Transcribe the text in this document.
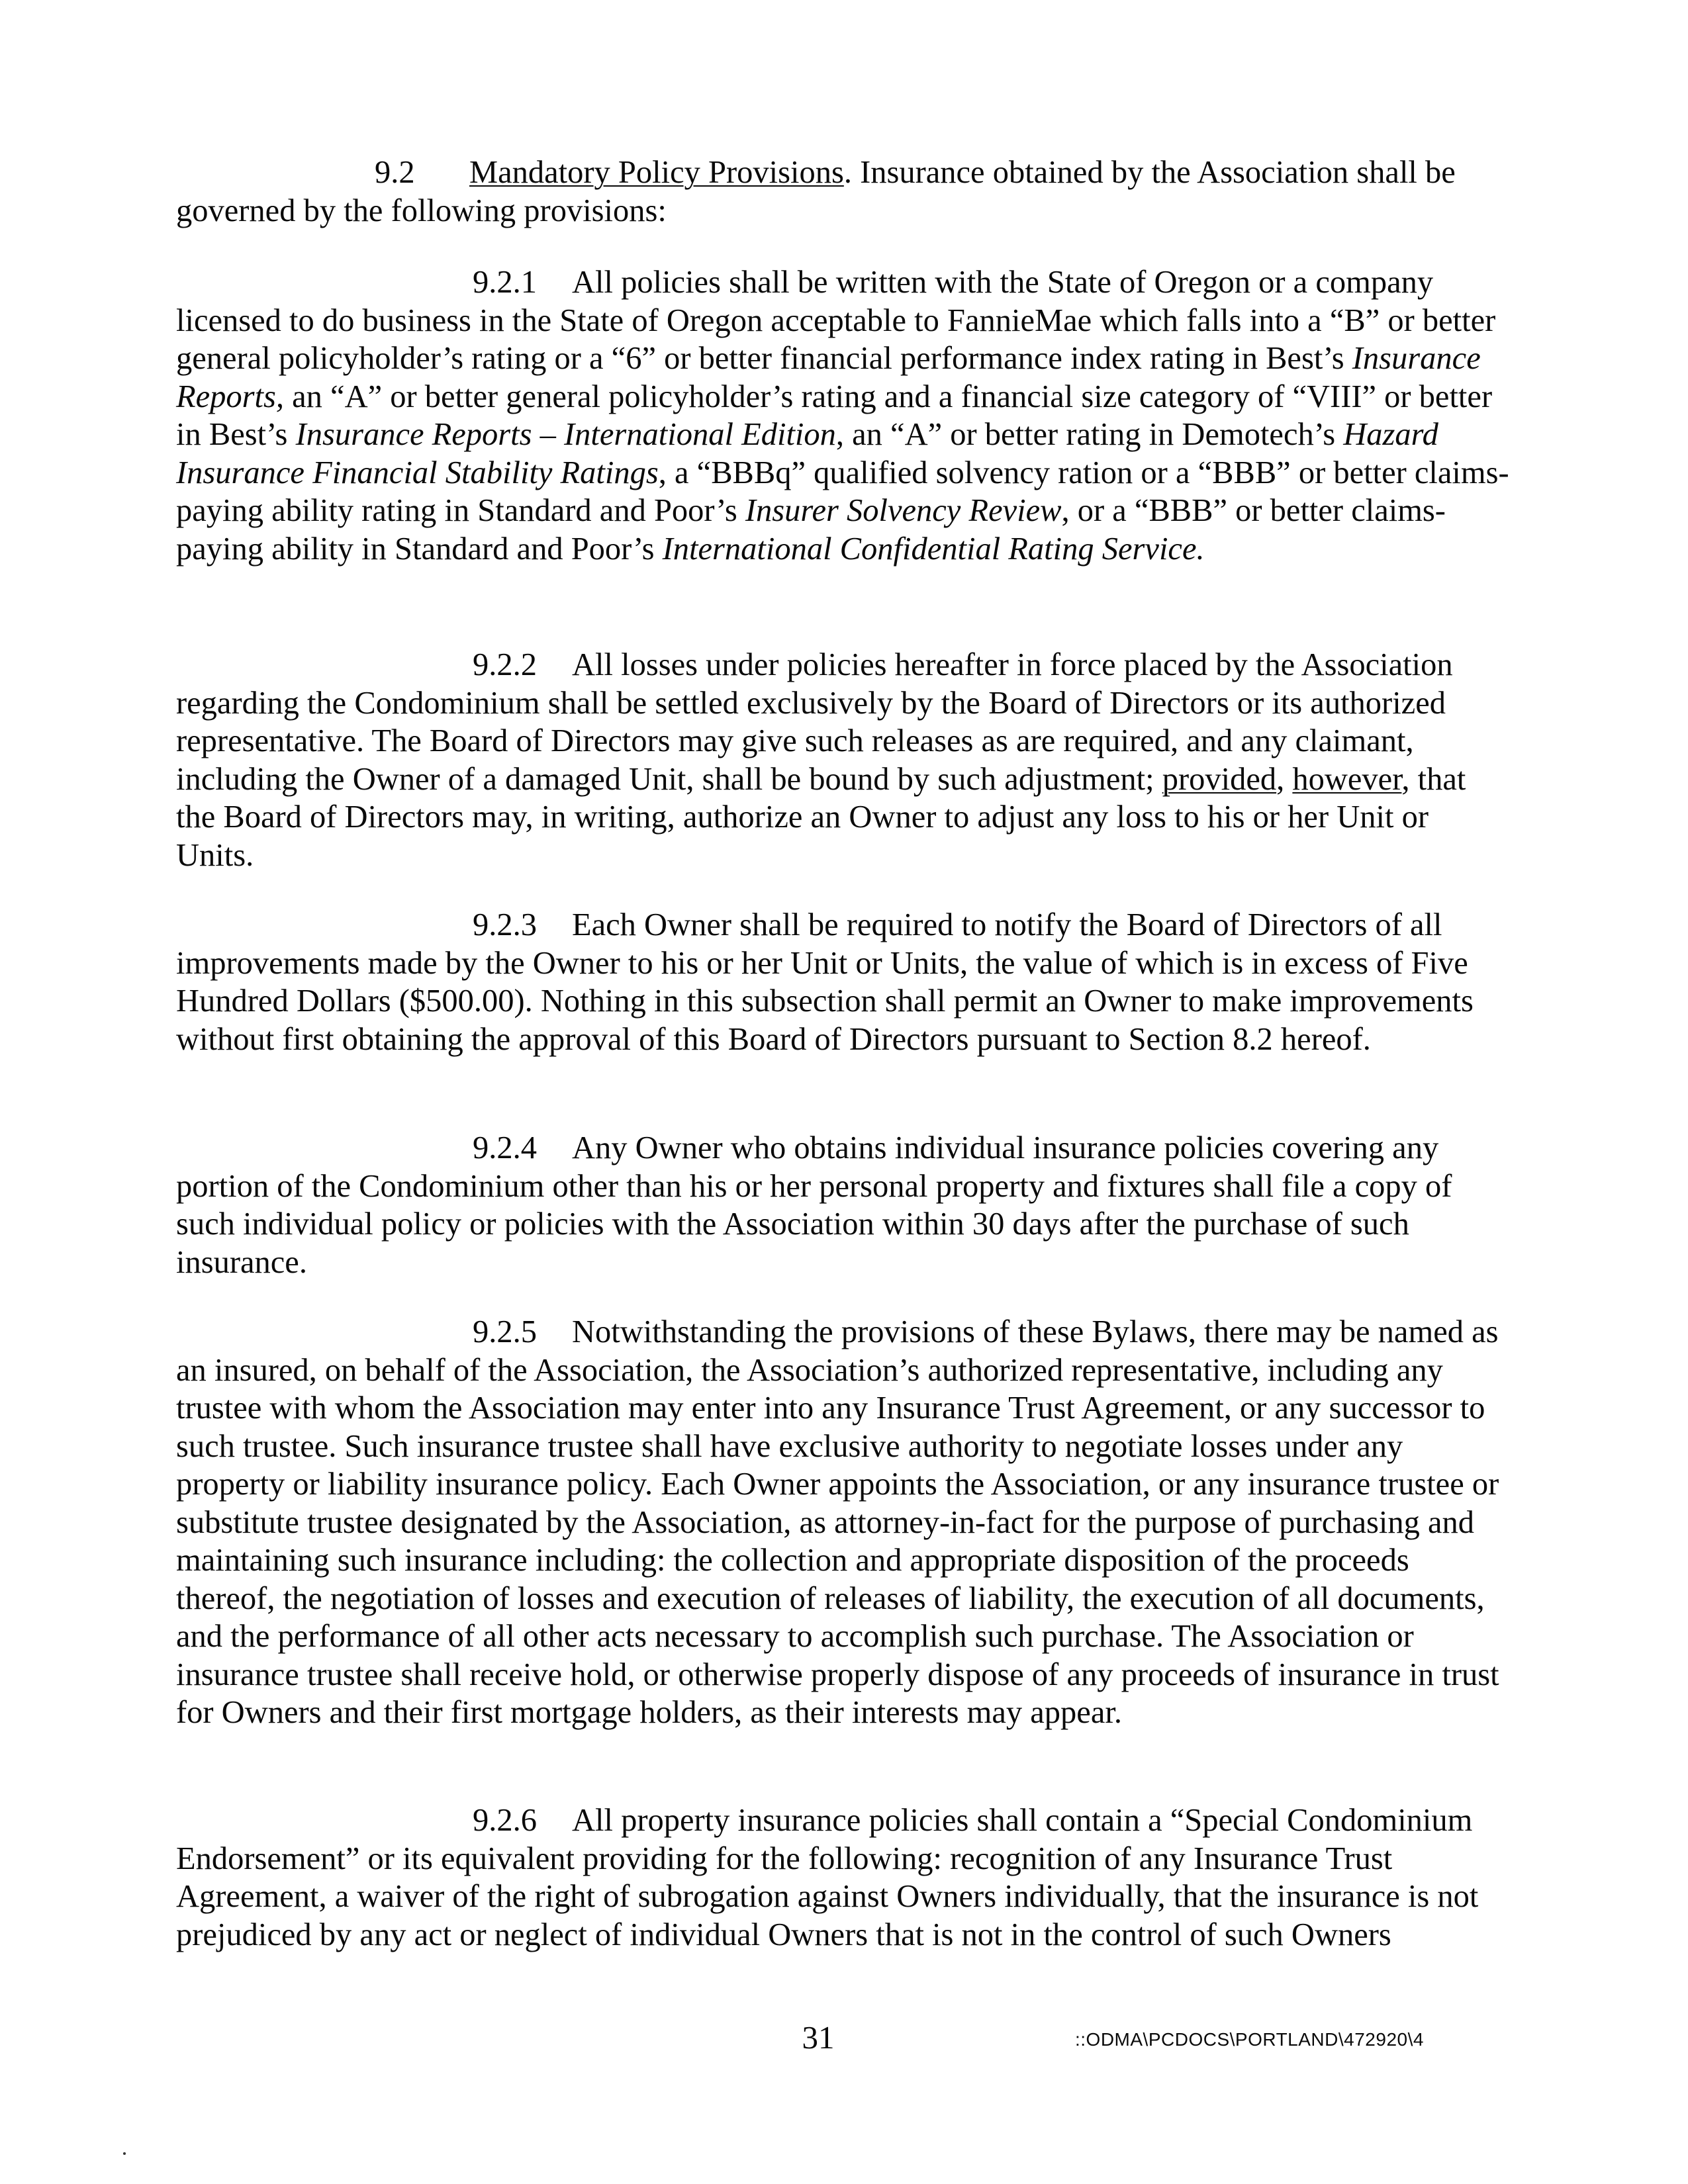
9.2 Mandatory Policy Provisions. Insurance obtained by the Association shall be governed by the following provisions:

9.2.1 All policies shall be written with the State of Oregon or a company licensed to do business in the State of Oregon acceptable to FannieMae which falls into a “B” or better general policyholder’s rating or a “6” or better financial performance index rating in Best’s Insurance Reports, an “A” or better general policyholder’s rating and a financial size category of “VIII” or better in Best’s Insurance Reports – International Edition, an “A” or better rating in Demotech’s Hazard Insurance Financial Stability Ratings, a “BBBq” qualified solvency ration or a “BBB” or better claims-paying ability rating in Standard and Poor’s Insurer Solvency Review, or a “BBB” or better claims-paying ability in Standard and Poor’s International Confidential Rating Service.

9.2.2 All losses under policies hereafter in force placed by the Association regarding the Condominium shall be settled exclusively by the Board of Directors or its authorized representative. The Board of Directors may give such releases as are required, and any claimant, including the Owner of a damaged Unit, shall be bound by such adjustment; provided, however, that the Board of Directors may, in writing, authorize an Owner to adjust any loss to his or her Unit or Units.

9.2.3 Each Owner shall be required to notify the Board of Directors of all improvements made by the Owner to his or her Unit or Units, the value of which is in excess of Five Hundred Dollars ($500.00). Nothing in this subsection shall permit an Owner to make improvements without first obtaining the approval of this Board of Directors pursuant to Section 8.2 hereof.

9.2.4 Any Owner who obtains individual insurance policies covering any portion of the Condominium other than his or her personal property and fixtures shall file a copy of such individual policy or policies with the Association within 30 days after the purchase of such insurance.

9.2.5 Notwithstanding the provisions of these Bylaws, there may be named as an insured, on behalf of the Association, the Association’s authorized representative, including any trustee with whom the Association may enter into any Insurance Trust Agreement, or any successor to such trustee. Such insurance trustee shall have exclusive authority to negotiate losses under any property or liability insurance policy. Each Owner appoints the Association, or any insurance trustee or substitute trustee designated by the Association, as attorney-in-fact for the purpose of purchasing and maintaining such insurance including: the collection and appropriate disposition of the proceeds thereof, the negotiation of losses and execution of releases of liability, the execution of all documents, and the performance of all other acts necessary to accomplish such purchase. The Association or insurance trustee shall receive hold, or otherwise properly dispose of any proceeds of insurance in trust for Owners and their first mortgage holders, as their interests may appear.

9.2.6 All property insurance policies shall contain a “Special Condominium Endorsement” or its equivalent providing for the following: recognition of any Insurance Trust Agreement, a waiver of the right of subrogation against Owners individually, that the insurance is not prejudiced by any act or neglect of individual Owners that is not in the control of such Owners

31	::ODMA\PCDOCS\PORTLAND\472920\4
